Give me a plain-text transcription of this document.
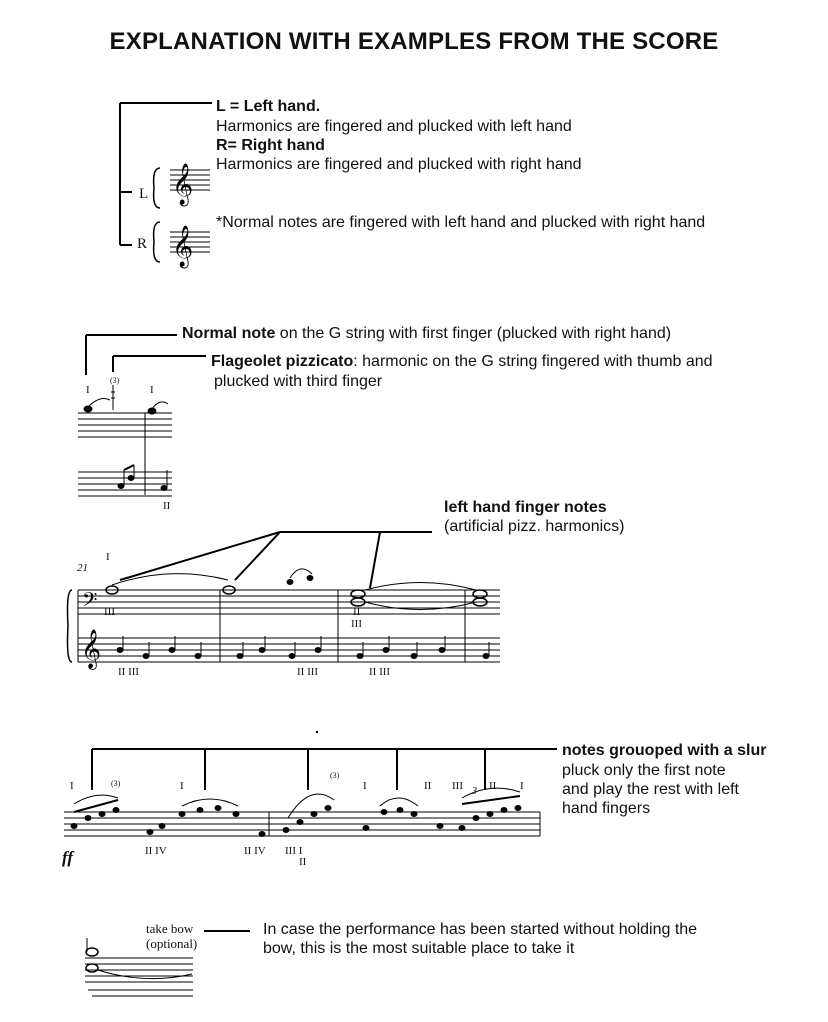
EXPLANATION WITH EXAMPLES FROM THE SCORE
L = Left hand.
Harmonics are fingered and plucked with left hand
R= Right hand
Harmonics are fingered and plucked with right hand
*Normal notes are fingered with left hand and plucked with right hand
L
R
Normal note on the G string with first finger (plucked with right hand)
Flageolet pizzicato: harmonic on the G string fingered with thumb and
plucked with third finger
I
(3)
I
II	left hand finger notes
(artificial pizz. harmonics)
21
I
III	II
III
II III	II III	II III
notes grouoped with a slur
pluck only the first note
and play the rest with left
hand fingers
ff
I	I	I	II III II I
(3)
(3)
3
II IV	II IV III I
II
take bow
(optional)
In case the performance has been started without holding the
bow, this is the most suitable place to take it
𝄞
𝄞
𝄢
𝄞
